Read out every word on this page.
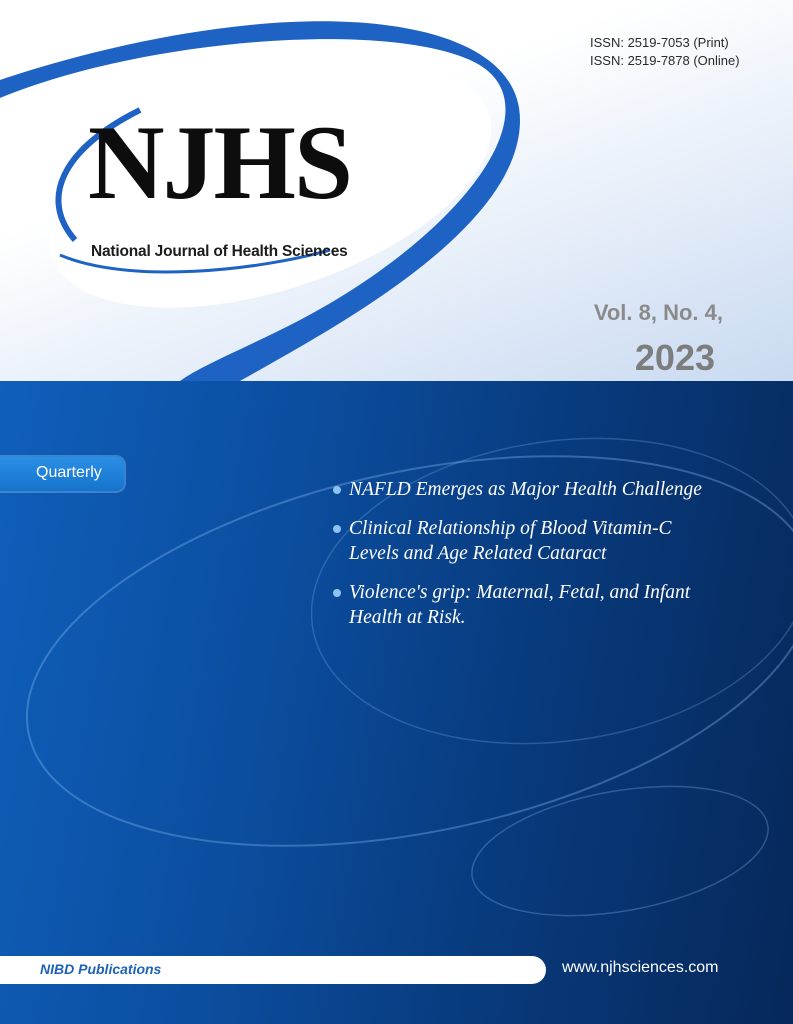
ISSN: 2519-7053 (Print)
ISSN: 2519-7878 (Online)
NJHS
National Journal of Health Sciences
Vol. 8, No. 4,
2023
Quarterly
NAFLD Emerges as Major Health Challenge
Clinical Relationship of Blood Vitamin-C
Levels and Age Related Cataract
Violence's grip: Maternal, Fetal, and Infant
Health at Risk.
NIBD Publications	www.njhsciences.com
